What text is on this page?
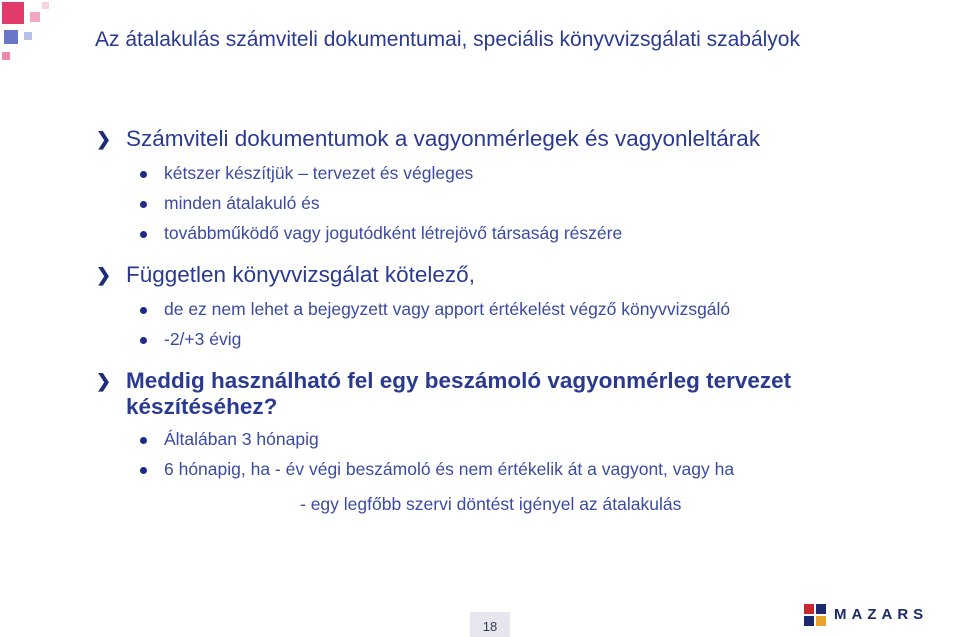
Az átalakulás számviteli dokumentumai, speciális könyvvizsgálati szabályok
❯ Számviteli dokumentumok a vagyonmérlegek és vagyonleltárak
kétszer készítjük – tervezet és végleges
minden átalakuló és
továbbműködő vagy jogutódként létrejövő társaság részére
❯ Független könyvvizsgálat kötelező,
de ez nem lehet a bejegyzett vagy apport értékelést végző könyvvizsgáló
-2/+3 évig
❯ Meddig használható fel egy beszámoló vagyonmérleg tervezet készítéséhez?
Általában 3 hónapig
6 hónapig, ha - év végi beszámoló és nem értékelik át a vagyont, vagy ha
- egy legfőbb szervi döntést igényel az átalakulás
18
MAZARS
